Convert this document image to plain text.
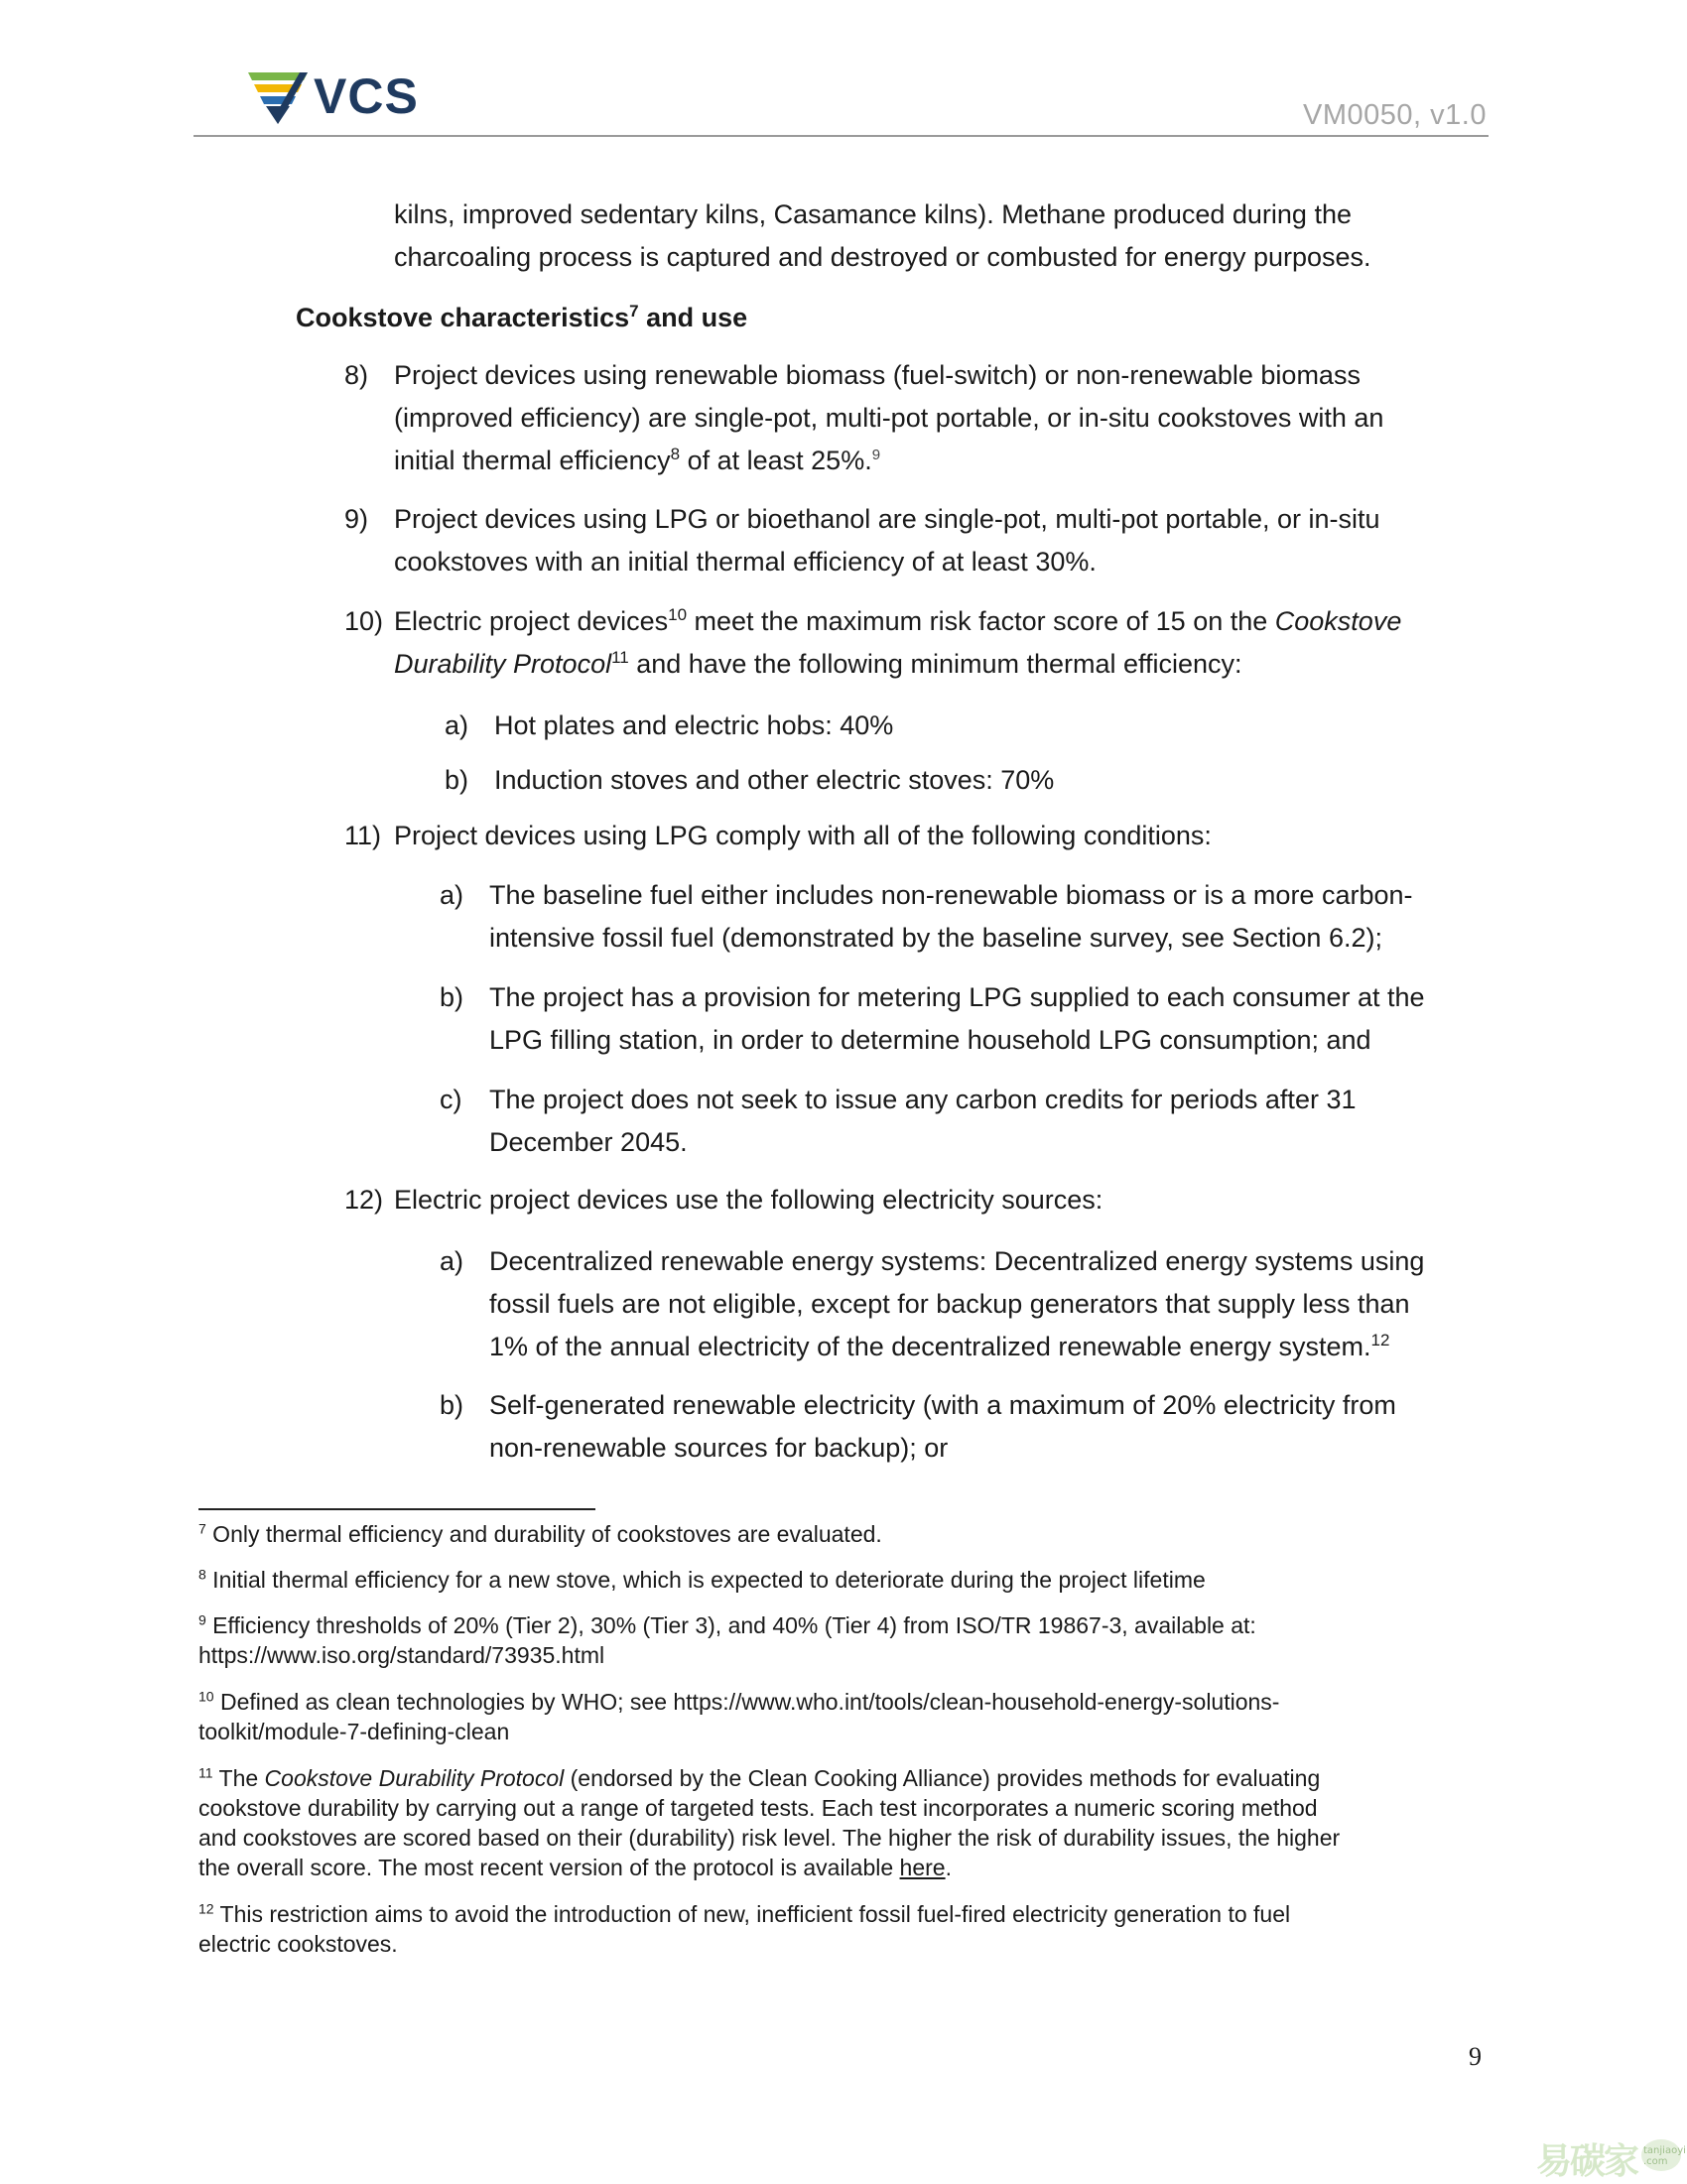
VCS	VM0050, v1.0
kilns, improved sedentary kilns, Casamance kilns). Methane produced during the
charcoaling process is captured and destroyed or combusted for energy purposes.
Cookstove characteristics$^7$ and use
8) Project devices using renewable biomass (fuel-switch) or non-renewable biomass
(improved efficiency) are single-pot, multi-pot portable, or in-situ cookstoves with an
initial thermal efficiency$^8$ of at least 25%.$^9$
9) Project devices using LPG or bioethanol are single-pot, multi-pot portable, or in-situ
cookstoves with an initial thermal efficiency of at least 30%.
10) Electric project devices$^{10}$ meet the maximum risk factor score of 15 on the Cookstove
Durability Protocol$^{11}$ and have the following minimum thermal efficiency:
a) Hot plates and electric hobs: 40%
b) Induction stoves and other electric stoves: 70%
11) Project devices using LPG comply with all of the following conditions:
a) The baseline fuel either includes non-renewable biomass or is a more carbon-
intensive fossil fuel (demonstrated by the baseline survey, see Section 6.2);
b) The project has a provision for metering LPG supplied to each consumer at the
LPG filling station, in order to determine household LPG consumption; and
c) The project does not seek to issue any carbon credits for periods after 31
December 2045.
12) Electric project devices use the following electricity sources:
a) Decentralized renewable energy systems: Decentralized energy systems using
fossil fuels are not eligible, except for backup generators that supply less than
1% of the annual electricity of the decentralized renewable energy system.$^{12}$
b) Self-generated renewable electricity (with a maximum of 20% electricity from
non-renewable sources for backup); or
$^7$ Only thermal efficiency and durability of cookstoves are evaluated.
$^8$ Initial thermal efficiency for a new stove, which is expected to deteriorate during the project lifetime
$^9$ Efficiency thresholds of 20% (Tier 2), 30% (Tier 3), and 40% (Tier 4) from ISO/TR 19867-3, available at:
https://www.iso.org/standard/73935.html
$^{10}$ Defined as clean technologies by WHO; see https://www.who.int/tools/clean-household-energy-solutions-
toolkit/module-7-defining-clean
$^{11}$ The Cookstove Durability Protocol (endorsed by the Clean Cooking Alliance) provides methods for evaluating
cookstove durability by carrying out a range of targeted tests. Each test incorporates a numeric scoring method
and cookstoves are scored based on their (durability) risk level. The higher the risk of durability issues, the higher
the overall score. The most recent version of the protocol is available here.
$^{12}$ This restriction aims to avoid the introduction of new, inefficient fossil fuel-fired electricity generation to fuel
electric cookstoves.
9
易碳家 tanjiaoyi .com
